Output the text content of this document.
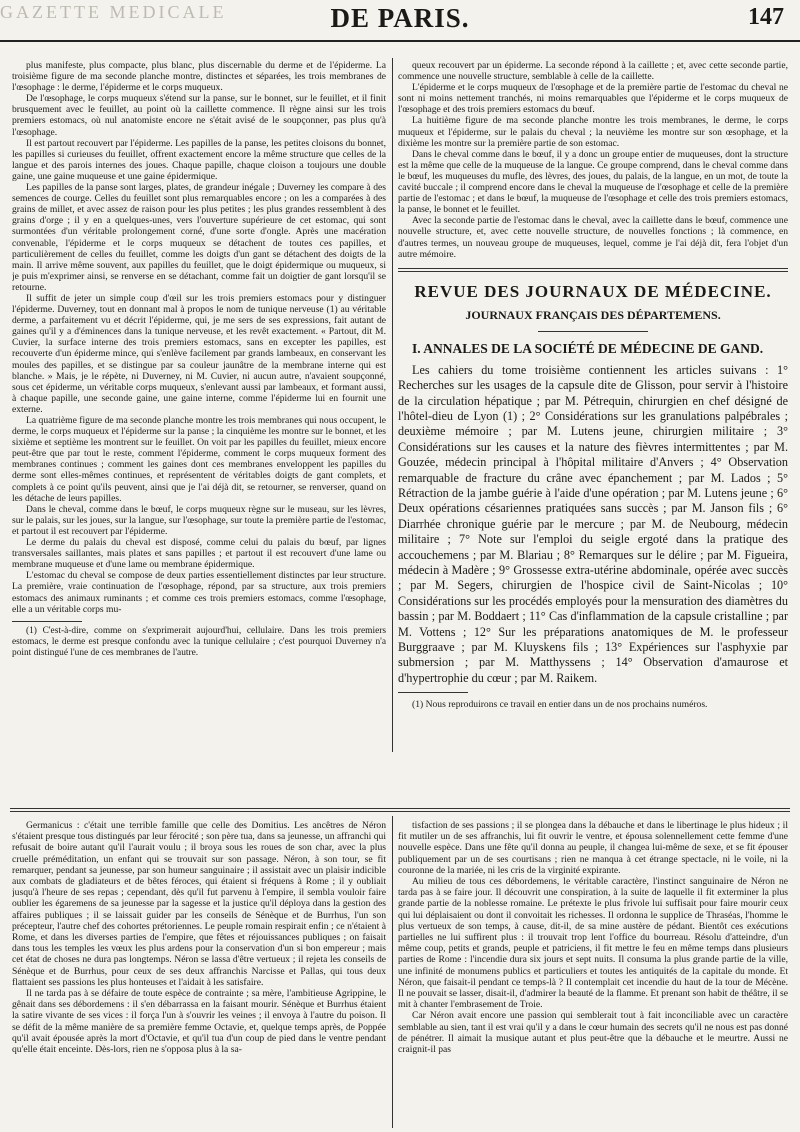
GAZETTE MEDICALE	DE PARIS.	147

plus manifeste, plus compacte, plus blanc, plus discernable du derme et de l'épiderme. La troisième figure de ma seconde planche montre, distinctes et séparées, les trois membranes de l'œsophage : le derme, l'épiderme et le corps muqueux.

De l'œsophage, le corps muqueux s'étend sur la panse, sur le bonnet, sur le feuillet, et il finit brusquement avec le feuillet, au point où la caillette commence. Il règne ainsi sur les trois premiers estomacs, où nul anatomiste encore ne s'était avisé de le soupçonner, pas plus qu'à l'œsophage.

Il est partout recouvert par l'épiderme. Les papilles de la panse, les petites cloisons du bonnet, les papilles si curieuses du feuillet, offrent exactement encore la même structure que celles de la langue et des parois internes des joues. Chaque papille, chaque cloison a toujours une double gaine, une gaine muqueuse et une gaine épidermique.

Les papilles de la panse sont larges, plates, de grandeur inégale ; Duverney les compare à des semences de courge. Celles du feuillet sont plus remarquables encore ; on les a comparées à des grains de millet, et avec assez de raison pour les plus petites ; les plus grandes ressemblent à des grains d'orge ; il y en a quelques-unes, vers l'ouverture supérieure de cet estomac, qui sont surmontées d'un véritable prolongement corné, d'une sorte d'ongle. Après une macération convenable, l'épiderme et le corps muqueux se détachent de toutes ces papilles, et particulièrement de celles du feuillet, comme les doigts d'un gant se détachent des doigts de la main. Il arrive même souvent, aux papilles du feuillet, que le doigt épidermique ou muqueux, si je puis m'exprimer ainsi, se renverse en se détachant, comme fait un doigtier de gant lorsqu'il se retourne.

Il suffit de jeter un simple coup d'œil sur les trois premiers estomacs pour y distinguer l'épiderme. Duverney, tout en donnant mal à propos le nom de tunique nerveuse (1) au véritable derme, a parfaitement vu et décrit l'épiderme, qui, je me sers de ses expressions, fait autant de gaines qu'il y a d'éminences dans la tunique nerveuse, et les revêt exactement. « Partout, dit M. Cuvier, la surface interne des trois premiers estomacs, sans en excepter les papilles, est recouverte d'un épiderme mince, qui s'enlève facilement par grands lambeaux, en conservant les moules des papilles, et se distingue par sa couleur jaunâtre de la membrane interne qui est blanche. » Mais, je le répète, ni Duverney, ni M. Cuvier, ni aucun autre, n'avaient soupçonné, sous cet épiderme, un véritable corps muqueux, s'enlevant aussi par lambeaux, et formant aussi, à chaque papille, une seconde gaine, une gaine interne, comme l'épiderme lui en fournit une externe.

La quatrième figure de ma seconde planche montre les trois membranes qui nous occupent, le derme, le corps muqueux et l'épiderme sur la panse ; la cinquième les montre sur le bonnet, et les sixième et septième les montrent sur le feuillet. On voit par les papilles du feuillet, mieux encore peut-être que par tout le reste, comment l'épiderme, comment le corps muqueux forment des membranes continues ; comment les gaines dont ces membranes enveloppent les papilles du derme sont elles-mêmes continues, et représentent de véritables doigts de gant complets, et complets à ce point qu'ils peuvent, ainsi que je l'ai déjà dit, se retourner, se renverser, quand on les détache de leurs papilles.

Dans le cheval, comme dans le bœuf, le corps muqueux règne sur le museau, sur les lèvres, sur le palais, sur les joues, sur la langue, sur l'œsophage, sur toute la première partie de l'estomac, et partout il est recouvert par l'épiderme.

Le derme du palais du cheval est disposé, comme celui du palais du bœuf, par lignes transversales saillantes, mais plates et sans papilles ; et partout il est recouvert d'une lame ou membrane muqueuse et d'une lame ou membrane épidermique.

L'estomac du cheval se compose de deux parties essentiellement distinctes par leur structure. La première, vraie continuation de l'œsophage, répond, par sa structure, aux trois premiers estomacs des animaux ruminants ; et comme ces trois premiers estomacs, comme l'œsophage, elle a un véritable corps mu-

(1) C'est-à-dire, comme on s'exprimerait aujourd'hui, cellulaire. Dans les trois premiers estomacs, le derme est presque confondu avec la tunique cellulaire ; c'est pourquoi Duverney n'a point distingué l'une de ces membranes de l'autre.

queux recouvert par un épiderme. La seconde répond à la caillette ; et, avec cette seconde partie, commence une nouvelle structure, semblable à celle de la caillette.

L'épiderme et le corps muqueux de l'œsophage et de la première partie de l'estomac du cheval ne sont ni moins nettement tranchés, ni moins remarquables que l'épiderme et le corps muqueux de l'œsophage et des trois premiers estomacs du bœuf.

La huitième figure de ma seconde planche montre les trois membranes, le derme, le corps muqueux et l'épiderme, sur le palais du cheval ; la neuvième les montre sur son œsophage, et la dixième les montre sur la première partie de son estomac.

Dans le cheval comme dans le bœuf, il y a donc un groupe entier de muqueuses, dont la structure est la même que celle de la muqueuse de la langue. Ce groupe comprend, dans le cheval comme dans le bœuf, les muqueuses du mufle, des lèvres, des joues, du palais, de la langue, en un mot, de toute la cavité buccale ; il comprend encore dans le cheval la muqueuse de l'œsophage et celle de la première partie de l'estomac ; et dans le bœuf, la muqueuse de l'œsophage et celle des trois premiers estomacs, la panse, le bonnet et le feuillet.

Avec la seconde partie de l'estomac dans le cheval, avec la caillette dans le bœuf, commence une nouvelle structure, et, avec cette nouvelle structure, de nouvelles fonctions ; là commence, en d'autres termes, un nouveau groupe de muqueuses, lequel, comme je l'ai déjà dit, fera l'objet d'un autre mémoire.

REVUE DES JOURNAUX DE MÉDECINE.
JOURNAUX FRANÇAIS DES DÉPARTEMENS.
I. ANNALES DE LA SOCIÉTÉ DE MÉDECINE DE GAND.

Les cahiers du tome troisième contiennent les articles suivans : 1° Recherches sur les usages de la capsule dite de Glisson, pour servir à l'histoire de la circulation hépatique ; par M. Pétrequin, chirurgien en chef désigné de l'hôtel-dieu de Lyon (1) ; 2° Considérations sur les granulations palpébrales ; deuxième mémoire ; par M. Lutens jeune, chirurgien militaire ; 3° Considérations sur les causes et la nature des fièvres intermittentes ; par M. Gouzée, médecin principal à l'hôpital militaire d'Anvers ; 4° Observation remarquable de fracture du crâne avec épanchement ; par M. Lados ; 5° Rétraction de la jambe guérie à l'aide d'une opération ; par M. Lutens jeune ; 6° Deux opérations césariennes pratiquées sans succès ; par M. Janson fils ; 6° Diarrhée chronique guérie par le mercure ; par M. de Neubourg, médecin militaire ; 7° Note sur l'emploi du seigle ergoté dans la pratique des accouchemens ; par M. Blariau ; 8° Remarques sur le délire ; par M. Figueira, médecin à Madère ; 9° Grossesse extra-utérine abdominale, opérée avec succès ; par M. Segers, chirurgien de l'hospice civil de Saint-Nicolas ; 10° Considérations sur les procédés employés pour la mensuration des diamètres du bassin ; par M. Boddaert ; 11° Cas d'inflammation de la capsule cristalline ; par M. Vottens ; 12° Sur les préparations anatomiques de M. le professeur Burggraave ; par M. Kluyskens fils ; 13° Expériences sur l'asphyxie par submersion ; par M. Matthyssens ; 14° Observation d'amaurose et d'hypertrophie du cœur ; par M. Raikem.

(1) Nous reproduirons ce travail en entier dans un de nos prochains numéros.

Germanicus : c'était une terrible famille que celle des Domitius. Les ancêtres de Néron s'étaient presque tous distingués par leur férocité ; son père tua, dans sa jeunesse, un affranchi qui refusait de boire autant qu'il l'aurait voulu ; il broya sous les roues de son char, avec la plus cruelle préméditation, un enfant qui se trouvait sur son passage. Néron, à son tour, se fit remarquer, pendant sa jeunesse, par son humeur sanguinaire ; il assistait avec un plaisir indicible aux combats de gladiateurs et de bêtes féroces, qui étaient si fréquens à Rome ; il y oubliait jusqu'à l'heure de ses repas ; cependant, dès qu'il fut parvenu à l'empire, il sembla vouloir faire oublier les égaremens de sa jeunesse par la sagesse et la justice qu'il déploya dans la gestion des affaires publiques ; il se laissait guider par les conseils de Sénèque et de Burrhus, l'un son précepteur, l'autre chef des cohortes prétoriennes. Le peuple romain respirait enfin ; ce n'étaient à Rome, et dans les diverses parties de l'empire, que fêtes et réjouissances publiques ; on faisait dans tous les temples les vœux les plus ardens pour la conservation d'un si bon empereur ; mais cet état de choses ne dura pas longtemps. Néron se lassa d'être vertueux ; il rejeta les conseils de Sénèque et de Burrhus, pour ceux de ses deux affranchis Narcisse et Pallas, qui tous deux flattaient ses passions les plus honteuses et l'aidait à les satisfaire.

Il ne tarda pas à se défaire de toute espèce de contrainte ; sa mère, l'ambitieuse Agrippine, le gênait dans ses débordemens : il s'en débarrassa en la faisant mourir. Sénèque et Burrhus étaient la satire vivante de ses vices : il força l'un à s'ouvrir les veines ; il envoya à l'autre du poison. Il se défit de la même manière de sa première femme Octavie, et, quelque temps après, de Poppée qu'il avait épousée après la mort d'Octavie, et qu'il tua d'un coup de pied dans le ventre pendant qu'elle était enceinte. Dès-lors, rien ne s'opposa plus à la sa-

tisfaction de ses passions ; il se plongea dans la débauche et dans le libertinage le plus hideux ; il fit mutiler un de ses affranchis, lui fit ouvrir le ventre, et épousa solennellement cette femme d'une nouvelle espèce. Dans une fête qu'il donna au peuple, il changea lui-même de sexe, et se fit épouser publiquement par un de ses courtisans ; rien ne manqua à cet étrange spectacle, ni le voile, ni la couronne de la mariée, ni les cris de la virginité expirante.

Au milieu de tous ces débordemens, le véritable caractère, l'instinct sanguinaire de Néron ne tarda pas à se faire jour. Il découvrit une conspiration, à la suite de laquelle il fit exterminer la plus grande partie de la noblesse romaine. Le prétexte le plus frivole lui suffisait pour faire mourir ceux qui lui déplaisaient ou dont il convoitait les richesses. Il ordonna le supplice de Thraséas, l'homme le plus vertueux de son temps, à cause, dit-il, de sa mine austère de pédant. Bientôt ces exécutions partielles ne lui suffirent plus : il trouvait trop lent l'office du bourreau. Résolu d'atteindre, d'un même coup, petits et grands, peuple et patriciens, il fit mettre le feu en même temps dans plusieurs parties de Rome : l'incendie dura six jours et sept nuits. Il consuma la plus grande partie de la ville, une infinité de monumens publics et particuliers et toutes les antiquités de la capitale du monde. Et Néron, que faisait-il pendant ce temps-là ? Il contemplait cet incendie du haut de la tour de Mécène. Il ne pouvait se lasser, disait-il, d'admirer la beauté de la flamme. Et prenant son habit de théâtre, il se mit à chanter l'embrasement de Troie.

Car Néron avait encore une passion qui semblerait tout à fait inconciliable avec un caractère semblable au sien, tant il est vrai qu'il y a dans le cœur humain des secrets qu'il ne nous est pas donné de pénétrer. Il aimait la musique autant et plus peut-être que la débauche et le meurtre. Aussi ne craignit-il pas
